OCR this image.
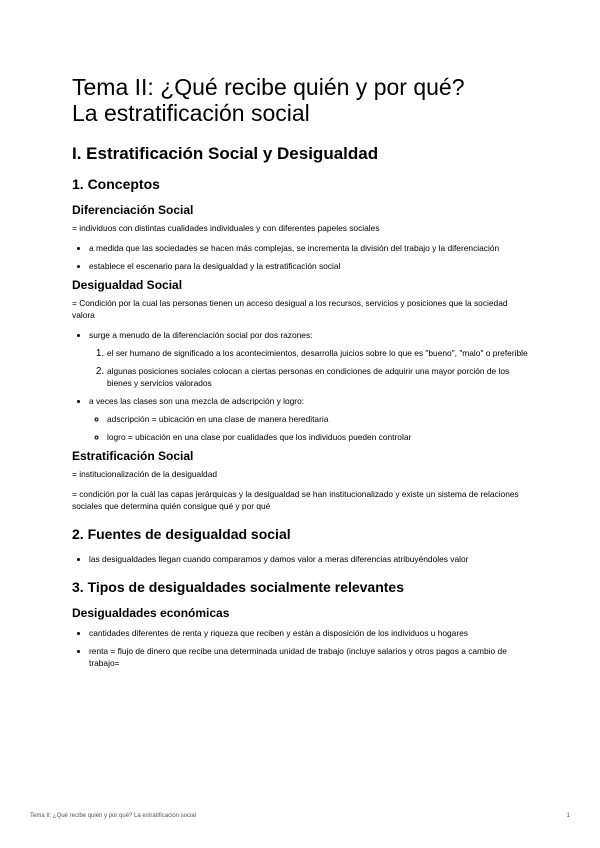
Tema II: ¿Qué recibe quién y por qué?
La estratificación social
I. Estratificación Social y Desigualdad
1. Conceptos
Diferenciación Social

= individuos con distintas cualidades individuales y con diferentes papeles sociales

• a medida que las sociedades se hacen más complejas, se incrementa la división del trabajo y la diferenciación
• establece el escenario para la desigualdad y la estratificación social
Desigualdad Social

= Condición por la cual las personas tienen un acceso desigual a los recursos, servicios y posiciones que la sociedad valora

• surge a menudo de la diferenciación social por dos razones:
1. el ser humano de significado a los acontecimientos, desarrolla juicios sobre lo que es "bueno", "malo" o preferible
2. algunas posiciones sociales colocan a ciertas personas en condiciones de adquirir una mayor porción de los bienes y servicios valorados
• a veces las clases son una mezcla de adscripción y logro:
◦ adscripción = ubicación en una clase de manera hereditaria
◦ logro = ubicación en una clase por cualidades que los individuos pueden controlar
Estratificación Social

= institucionalización de la desigualdad

= condición por la cuál las capas jerárquicas y la desigualdad se han institucionalizado y existe un sistema de relaciones sociales que determina quién consigue qué y por qué

2. Fuentes de desigualdad social
• las desigualdades llegan cuando comparamos y damos valor a meras diferencias atribuyéndoles valor
3. Tipos de desigualdades socialmente relevantes
Desigualdades económicas
• cantidades diferentes de renta y riqueza que reciben y están a disposición de los individuos u hogares
• renta = flujo de dinero que recibe una determinada unidad de trabajo (incluye salarios y otros pagos a cambio de trabajo=
Tema II: ¿Qué recibe quién y por qué? La estratificación social	1
